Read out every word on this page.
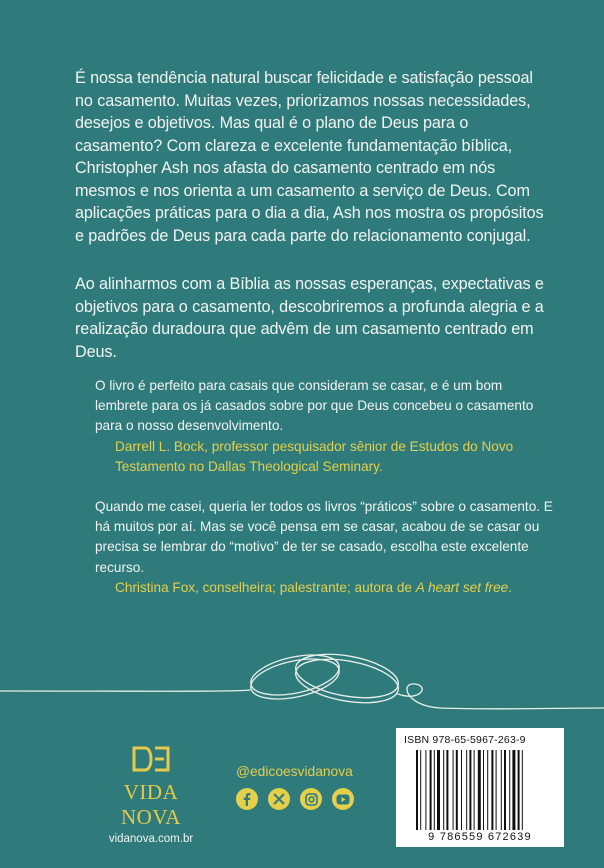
É nossa tendência natural buscar felicidade e satisfação pessoal no casamento. Muitas vezes, priorizamos nossas necessidades, desejos e objetivos. Mas qual é o plano de Deus para o casamento? Com clareza e excelente fundamentação bíblica, Christopher Ash nos afasta do casamento centrado em nós mesmos e nos orienta a um casamento a serviço de Deus. Com aplicações práticas para o dia a dia, Ash nos mostra os propósitos e padrões de Deus para cada parte do relacionamento conjugal.

Ao alinharmos com a Bíblia as nossas esperanças, expectativas e objetivos para o casamento, descobriremos a profunda alegria e a realização duradoura que advêm de um casamento centrado em Deus.

O livro é perfeito para casais que consideram se casar, e é um bom lembrete para os já casados sobre por que Deus concebeu o casamento para o nosso desenvolvimento.
Darrell L. Bock, professor pesquisador sênior de Estudos do Novo Testamento no Dallas Theological Seminary.
Quando me casei, queria ler todos os livros “práticos” sobre o casamento. E há muitos por aí. Mas se você pensa em se casar, acabou de se casar ou precisa se lembrar do “motivo” de ter se casado, escolha este excelente recurso.
Christina Fox, conselheira; palestrante; autora de A heart set free.
VIDA NOVA
vidanova.com.br
@edicoesvidanova
ISBN 978-65-5967-263-9
9 786559 672639
